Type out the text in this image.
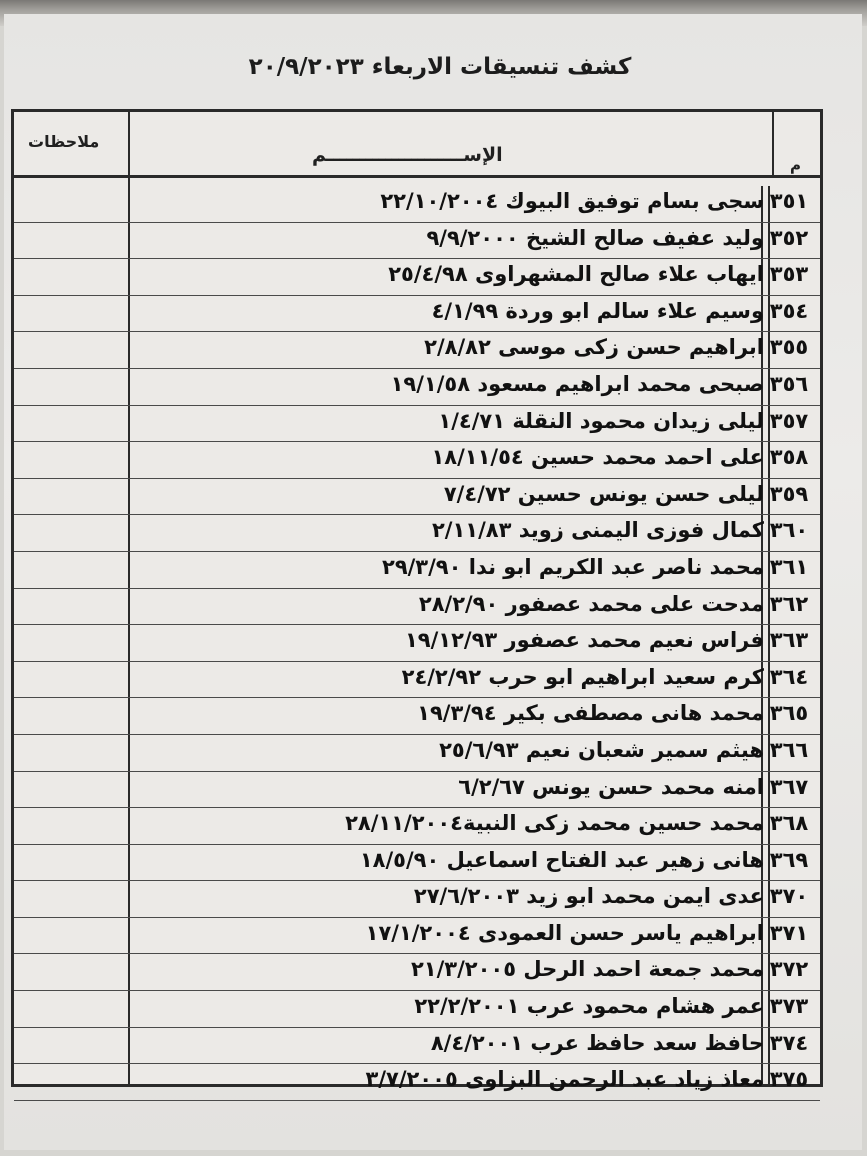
كشف تنسيقات الاربعاء ٢٠/٩/٢٠٢٣
ملاحظات
الإســـــــــــــــــــــم	م
٣٥١
سجى بسام توفيق البيوك ٢٢/١٠/٢٠٠٤
٣٥٢
وليد عفيف صالح الشيخ ٩/٩/٢٠٠٠
٣٥٣
ايهاب علاء صالح المشهراوى ٢٥/٤/٩٨
٣٥٤
وسيم علاء سالم ابو وردة ٤/١/٩٩
٣٥٥
ابراهيم حسن زكى موسى ٢/٨/٨٢
٣٥٦
صبحى محمد ابراهيم مسعود ١٩/١/٥٨
٣٥٧
ليلى زيدان محمود النقلة ١/٤/٧١
٣٥٨
على احمد محمد حسين ١٨/١١/٥٤
٣٥٩
ليلى حسن يونس حسين ٧/٤/٧٢
٣٦٠
كمال فوزى اليمنى زويد ٢/١١/٨٣
٣٦١
محمد ناصر عبد الكريم ابو ندا ٢٩/٣/٩٠
٣٦٢
مدحت على محمد عصفور ٢٨/٢/٩٠
٣٦٣
فراس نعيم محمد عصفور ١٩/١٢/٩٣
٣٦٤
كرم سعيد ابراهيم ابو حرب ٢٤/٢/٩٢
٣٦٥
محمد هانى مصطفى بكير ١٩/٣/٩٤
٣٦٦
هيثم سمير شعبان نعيم ٢٥/٦/٩٣
٣٦٧
امنه محمد حسن يونس ٦/٢/٦٧
٣٦٨
محمد حسين محمد زكى النبية٢٨/١١/٢٠٠٤
٣٦٩
هانى زهير عبد الفتاح اسماعيل ١٨/٥/٩٠
٣٧٠
عدى ايمن محمد ابو زيد ٢٧/٦/٢٠٠٣
٣٧١
ابراهيم ياسر حسن العمودى ١٧/١/٢٠٠٤
٣٧٢
محمد جمعة احمد الرحل ٢١/٣/٢٠٠٥
٣٧٣
عمر هشام محمود عرب ٢٢/٢/٢٠٠١
٣٧٤
حافظ سعد حافظ عرب ٨/٤/٢٠٠١
٣٧٥
معاذ زياد عبد الرحمن البزاوى ٣/٧/٢٠٠٥
